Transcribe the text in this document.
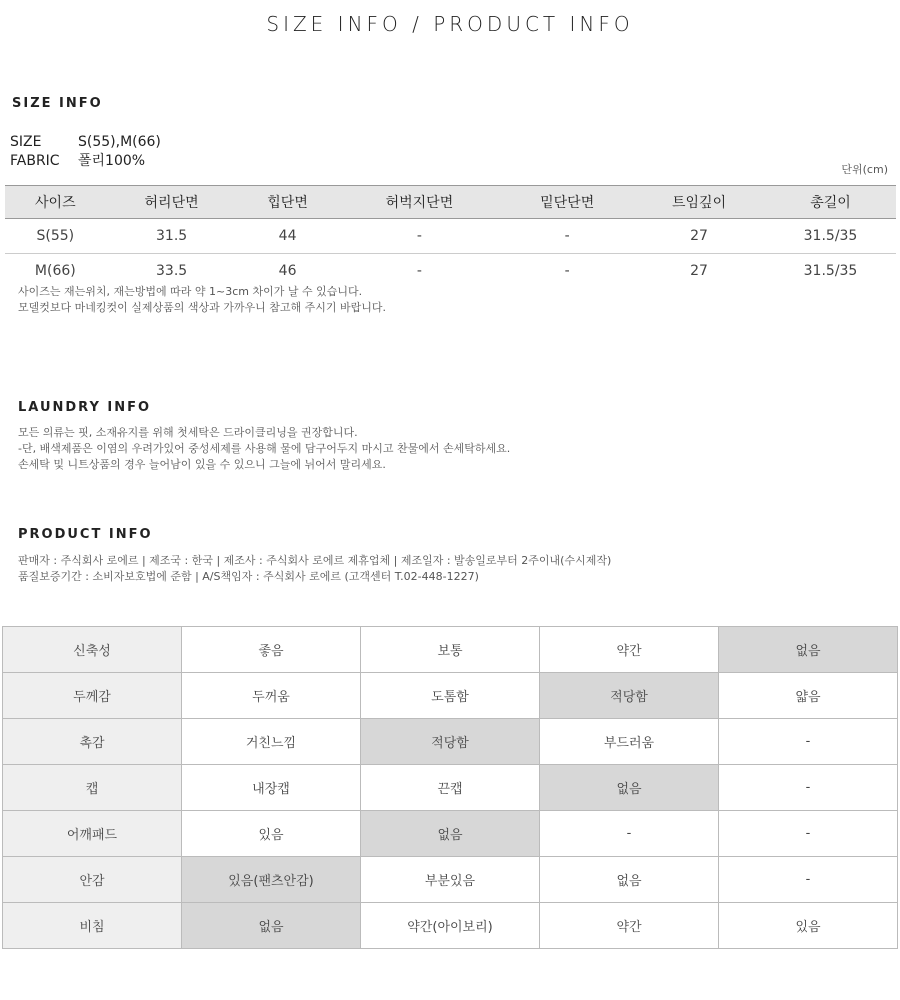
SIZE INFO / PRODUCT INFO
SIZE INFO
SIZE	S(55),M(66)
FABRIC 폴리100%
단위(cm)
사이즈	허리단면	힙단면	허벅지단면	밑단단면	트임깊이	총길이
S(55)	31.5	44	-	-	27	31.5/35
M(66)	33.5	46	-	-	27	31.5/35
사이즈는 재는위치, 재는방법에 따라 약 1~3cm 차이가 날 수 있습니다.
모델컷보다 마네킹컷이 실제상품의 색상과 가까우니 참고해 주시기 바랍니다.
LAUNDRY INFO
모든 의류는 핏, 소재유지를 위해 첫세탁은 드라이클리닝을 권장합니다.
-단, 배색제품은 이염의 우려가있어 중성세제를 사용해 물에 담구어두지 마시고 찬물에서 손세탁하세요.
손세탁 및 니트상품의 경우 늘어남이 있을 수 있으니 그늘에 뉘어서 말리세요.
PRODUCT INFO
판매자 : 주식회사 로에르 | 제조국 : 한국 | 제조사 : 주식회사 로에르 제휴업체 | 제조일자 : 발송일로부터 2주이내(수시제작)
품질보증기간 : 소비자보호법에 준함 | A/S책임자 : 주식회사 로에르 (고객센터 T.02-448-1227)
신축성	좋음	보통	약간	없음
두께감	두꺼움	도톰함	적당함	얇음
촉감	거친느낌	적당함	부드러움	-
캡	내장캡	끈캡	없음	-
어깨패드	있음	없음	-	-
안감	있음(팬츠안감)	부분있음	없음	-
비침	없음	약간(아이보리)	약간	있음
